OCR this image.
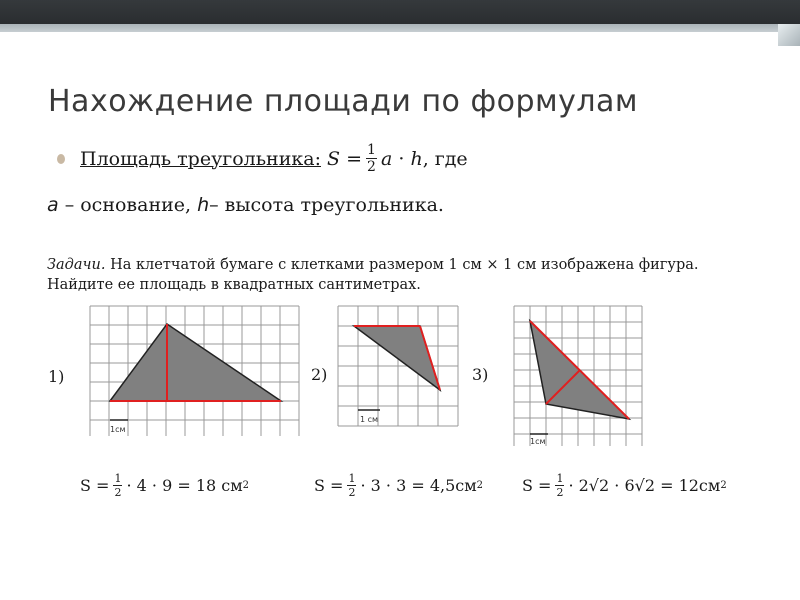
Нахождение площади по формулам
Площадь треугольника:
S
= $\frac{1}{2}$ a
·
h , где
a – основание, h– высота треугольника.
Задачи. На клетчатой бумаге с клетками размером 1 см × 1 см изображена фигура. Найдите ее площадь в квадратных сантиметрах.
1)
1см
2)
1 см
3)
1см
$S = \frac{1}{2} \cdot 4 \cdot 9 = 18$ см 2	$S = \frac{1}{2} \cdot 3 \cdot 3 = 4,5см$ 2 $S = \frac{1}{2} \cdot 2√2 \cdot 6√2 = 12см$ 2
